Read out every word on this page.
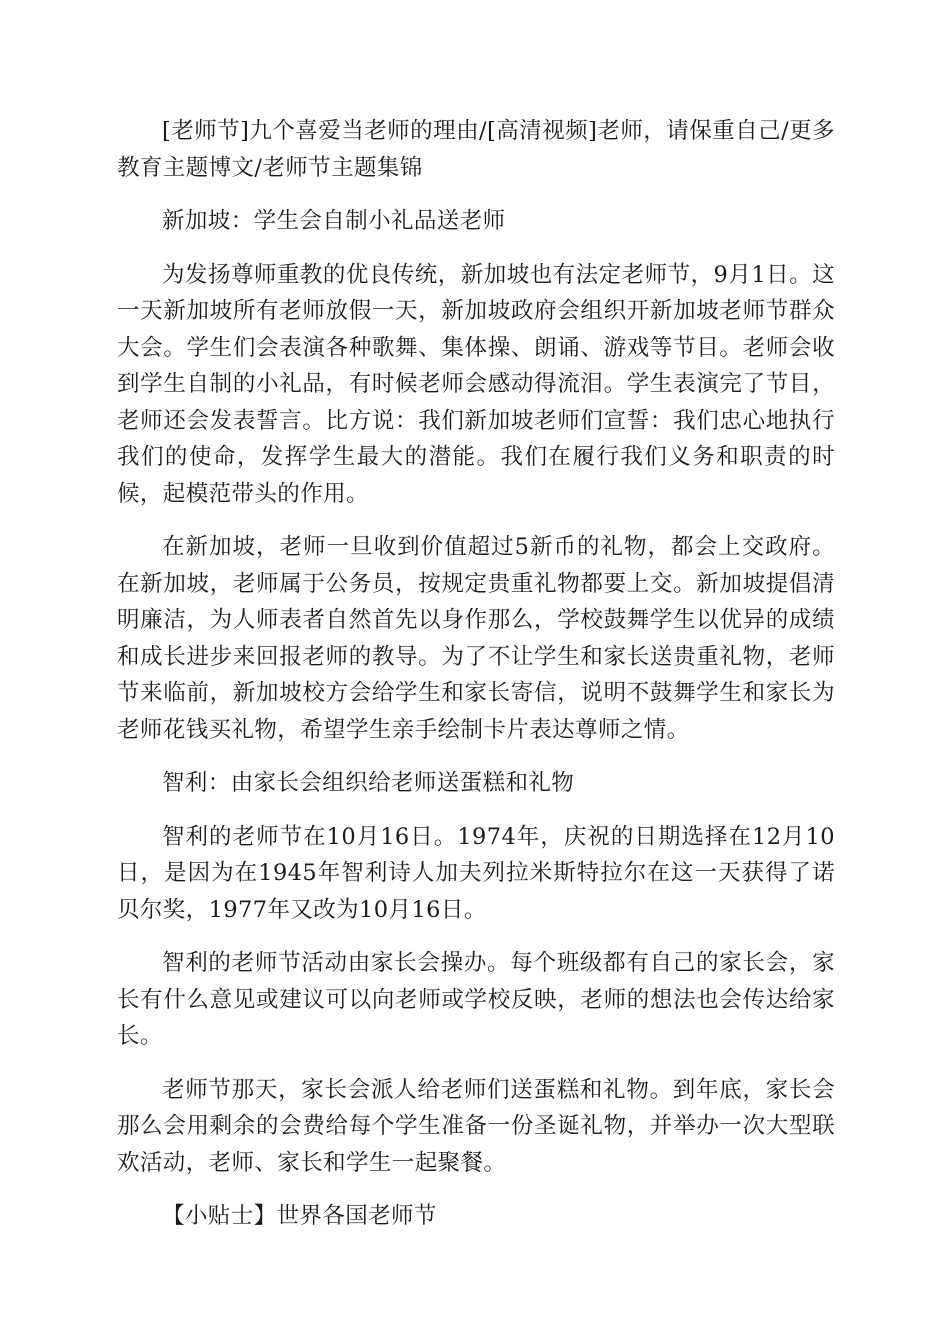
[老师节]九个喜爱当老师的理由/[高清视频]老师，请保重自己/更多教育主题博文/老师节主题集锦

新加坡：学生会自制小礼品送老师

为发扬尊师重教的优良传统，新加坡也有法定老师节，9月1日。这一天新加坡所有老师放假一天，新加坡政府会组织开新加坡老师节群众大会。学生们会表演各种歌舞、集体操、朗诵、游戏等节目。老师会收到学生自制的小礼品，有时候老师会感动得流泪。学生表演完了节目，老师还会发表誓言。比方说：我们新加坡老师们宣誓：我们忠心地执行我们的使命，发挥学生最大的潜能。我们在履行我们义务和职责的时候，起模范带头的作用。

在新加坡，老师一旦收到价值超过5新币的礼物，都会上交政府。在新加坡，老师属于公务员，按规定贵重礼物都要上交。新加坡提倡清明廉洁，为人师表者自然首先以身作那么，学校鼓舞学生以优异的成绩和成长进步来回报老师的教导。为了不让学生和家长送贵重礼物，老师节来临前，新加坡校方会给学生和家长寄信，说明不鼓舞学生和家长为老师花钱买礼物，希望学生亲手绘制卡片表达尊师之情。

智利：由家长会组织给老师送蛋糕和礼物

智利的老师节在10月16日。1974年，庆祝的日期选择在12月10日，是因为在1945年智利诗人加夫列拉米斯特拉尔在这一天获得了诺贝尔奖，1977年又改为10月16日。

智利的老师节活动由家长会操办。每个班级都有自己的家长会，家长有什么意见或建议可以向老师或学校反映，老师的想法也会传达给家长。

老师节那天，家长会派人给老师们送蛋糕和礼物。到年底，家长会那么会用剩余的会费给每个学生准备一份圣诞礼物，并举办一次大型联欢活动，老师、家长和学生一起聚餐。

【小贴士】世界各国老师节
